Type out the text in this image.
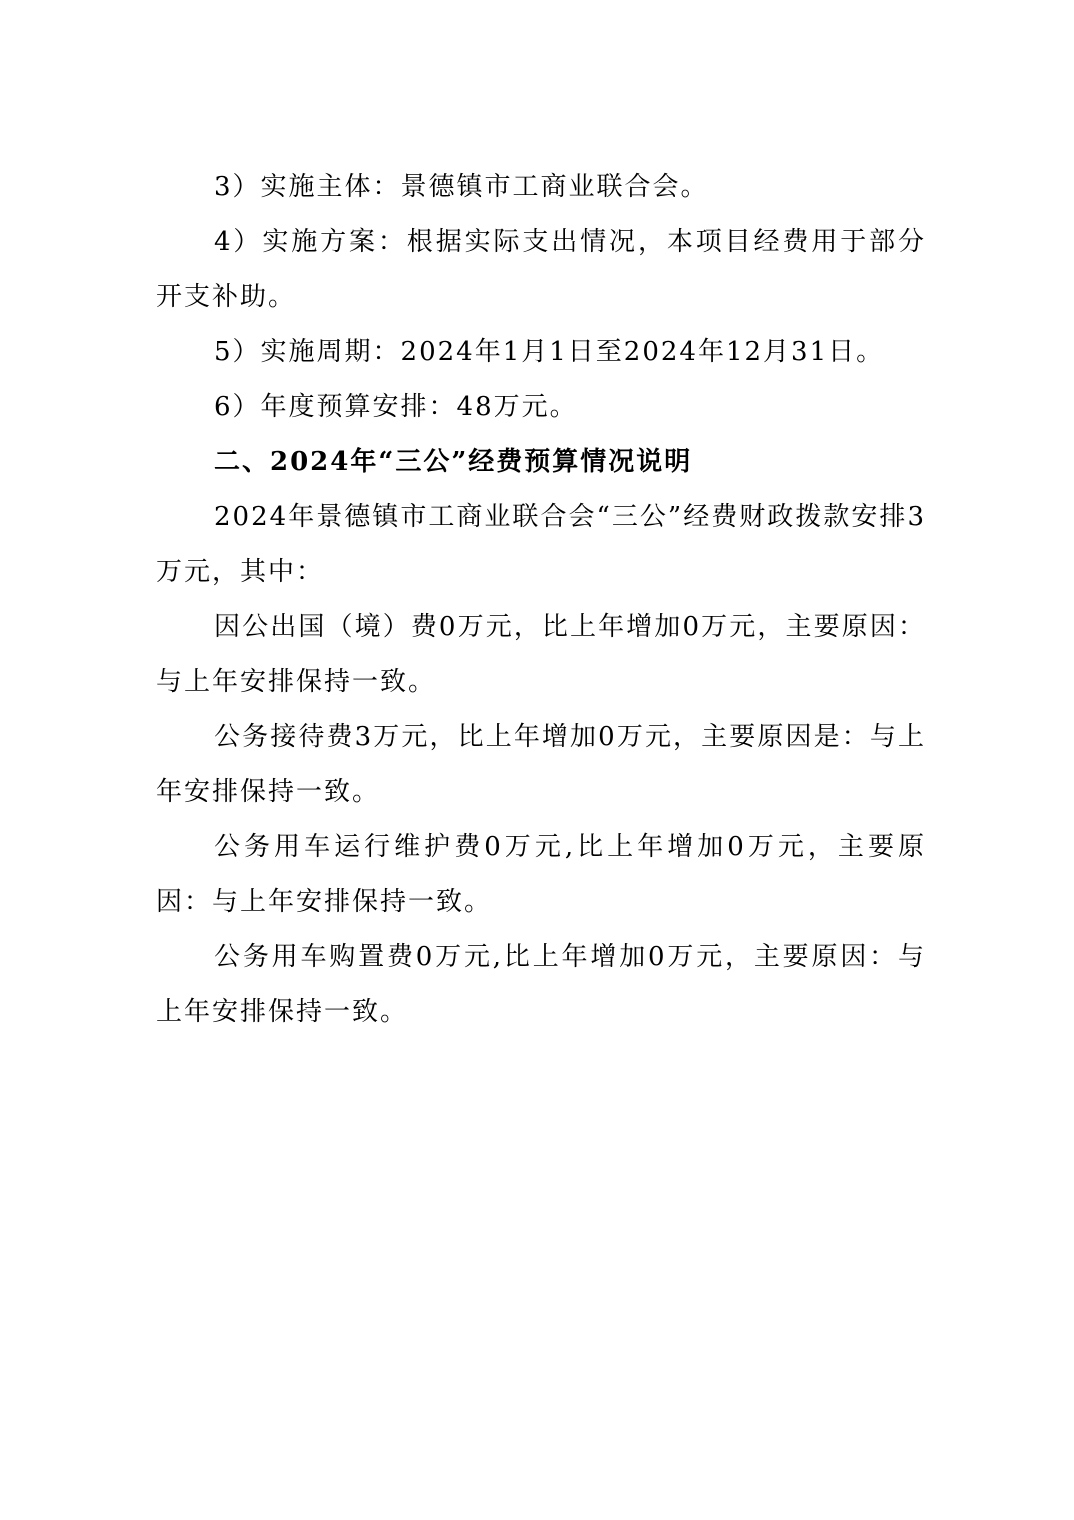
3）实施主体：景德镇市工商业联合会。

4）实施方案：根据实际支出情况，本项目经费用于部分开支补助。

5）实施周期：2024年1月1日至2024年12月31日。

6）年度预算安排：48万元。

二、2024年“三公”经费预算情况说明

2024年景德镇市工商业联合会“三公”经费财政拨款安排3万元，其中：

因公出国（境）费0万元，比上年增加0万元，主要原因：与上年安排保持一致。

公务接待费3万元，比上年增加0万元，主要原因是：与上年安排保持一致。

公务用车运行维护费0万元,比上年增加0万元，主要原因：与上年安排保持一致。

公务用车购置费0万元,比上年增加0万元，主要原因：与上年安排保持一致。
